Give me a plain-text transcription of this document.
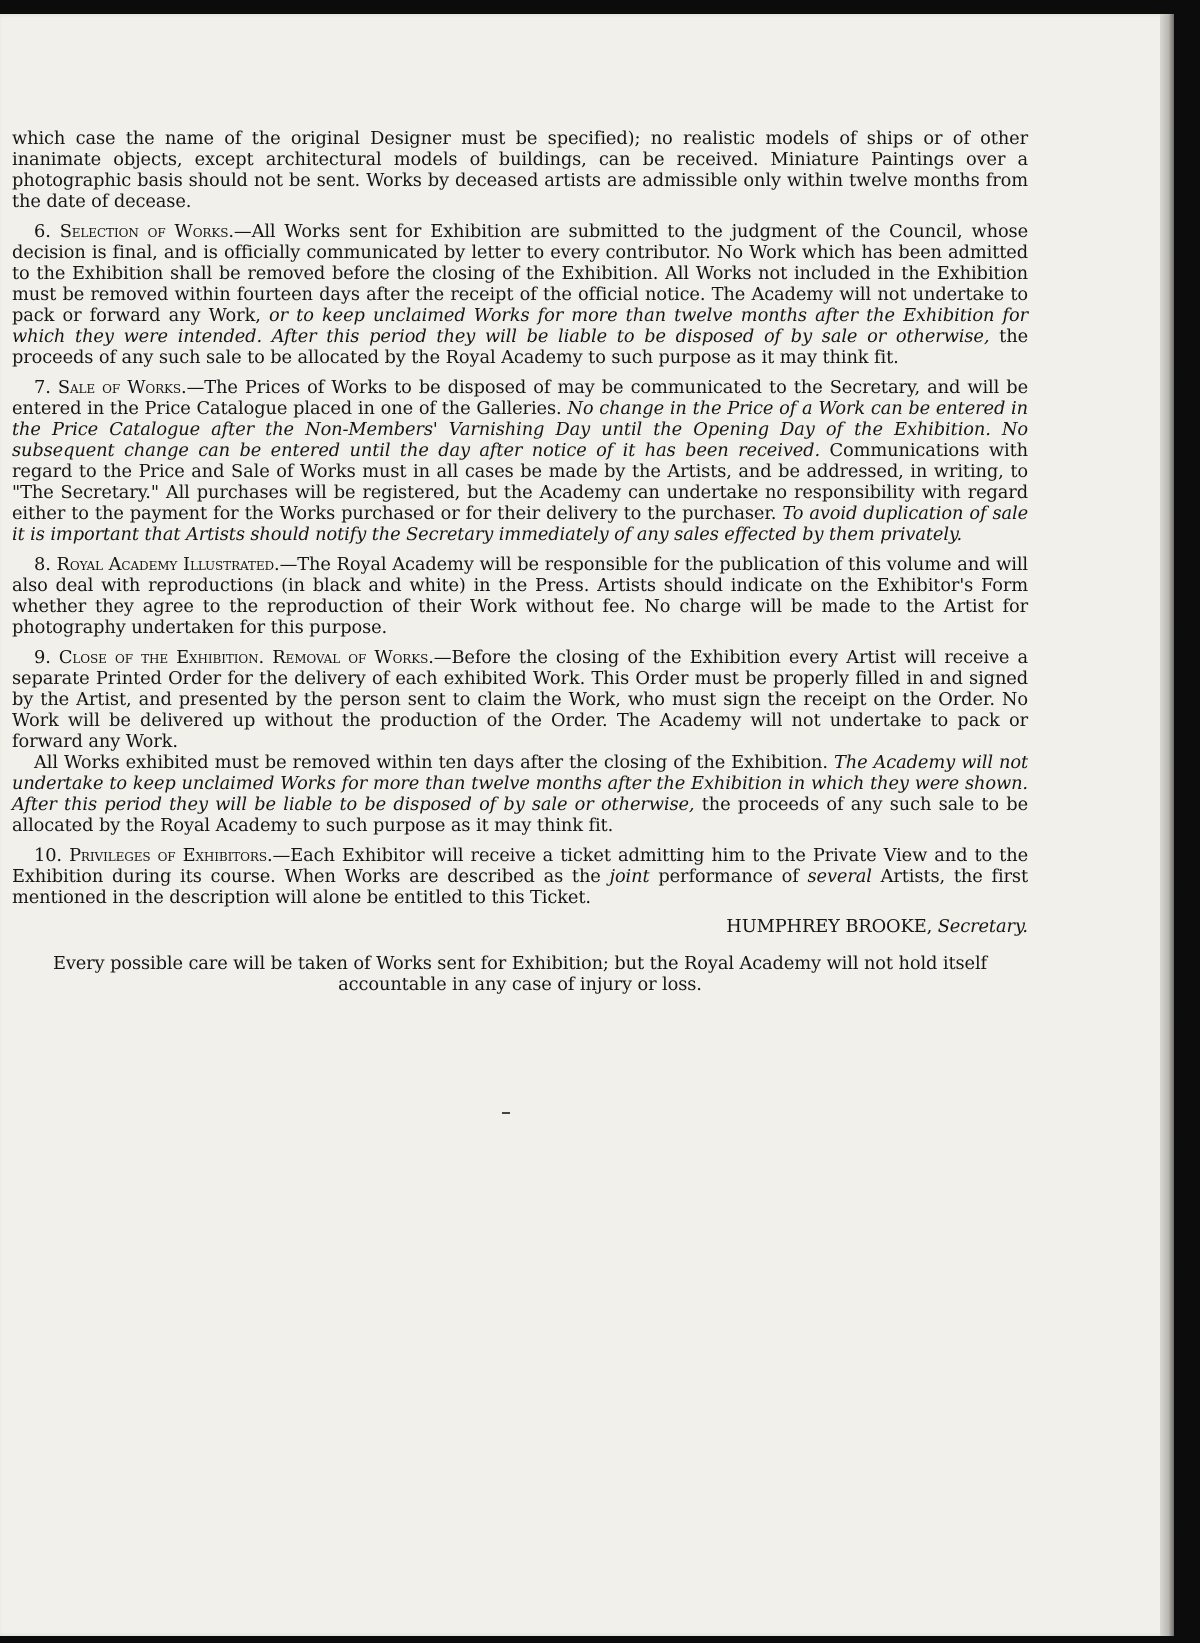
which case the name of the original Designer must be specified); no realistic models of ships or of other inanimate objects, except architectural models of buildings, can be received. Miniature Paintings over a photographic basis should not be sent. Works by deceased artists are admissible only within twelve months from the date of decease.

6. Selection of Works.—All Works sent for Exhibition are submitted to the judgment of the Council, whose decision is final, and is officially communicated by letter to every contributor. No Work which has been admitted to the Exhibition shall be removed before the closing of the Exhibition. All Works not included in the Exhibition must be removed within fourteen days after the receipt of the official notice. The Academy will not undertake to pack or forward any Work, or to keep unclaimed Works for more than twelve months after the Exhibition for which they were intended. After this period they will be liable to be disposed of by sale or otherwise, the proceeds of any such sale to be allocated by the Royal Academy to such purpose as it may think fit.

7. Sale of Works.—The Prices of Works to be disposed of may be communicated to the Secretary, and will be entered in the Price Catalogue placed in one of the Galleries. No change in the Price of a Work can be entered in the Price Catalogue after the Non-Members' Varnishing Day until the Opening Day of the Exhibition. No subsequent change can be entered until the day after notice of it has been received. Communications with regard to the Price and Sale of Works must in all cases be made by the Artists, and be addressed, in writing, to "The Secretary." All purchases will be registered, but the Academy can undertake no responsibility with regard either to the payment for the Works purchased or for their delivery to the purchaser. To avoid duplication of sale it is important that Artists should notify the Secretary immediately of any sales effected by them privately.

8. Royal Academy Illustrated.—The Royal Academy will be responsible for the publication of this volume and will also deal with reproductions (in black and white) in the Press. Artists should indicate on the Exhibitor's Form whether they agree to the reproduction of their Work without fee. No charge will be made to the Artist for photography undertaken for this purpose.

9. Close of the Exhibition. Removal of Works.—Before the closing of the Exhibition every Artist will receive a separate Printed Order for the delivery of each exhibited Work. This Order must be properly filled in and signed by the Artist, and presented by the person sent to claim the Work, who must sign the receipt on the Order. No Work will be delivered up without the production of the Order. The Academy will not undertake to pack or forward any Work.

All Works exhibited must be removed within ten days after the closing of the Exhibition. The Academy will not undertake to keep unclaimed Works for more than twelve months after the Exhibition in which they were shown. After this period they will be liable to be disposed of by sale or otherwise, the proceeds of any such sale to be allocated by the Royal Academy to such purpose as it may think fit.

10. Privileges of Exhibitors.—Each Exhibitor will receive a ticket admitting him to the Private View and to the Exhibition during its course. When Works are described as the joint performance of several Artists, the first mentioned in the description will alone be entitled to this Ticket.

HUMPHREY BROOKE, Secretary.
Every possible care will be taken of Works sent for Exhibition; but the Royal Academy will not hold itself accountable in any case of injury or loss.
